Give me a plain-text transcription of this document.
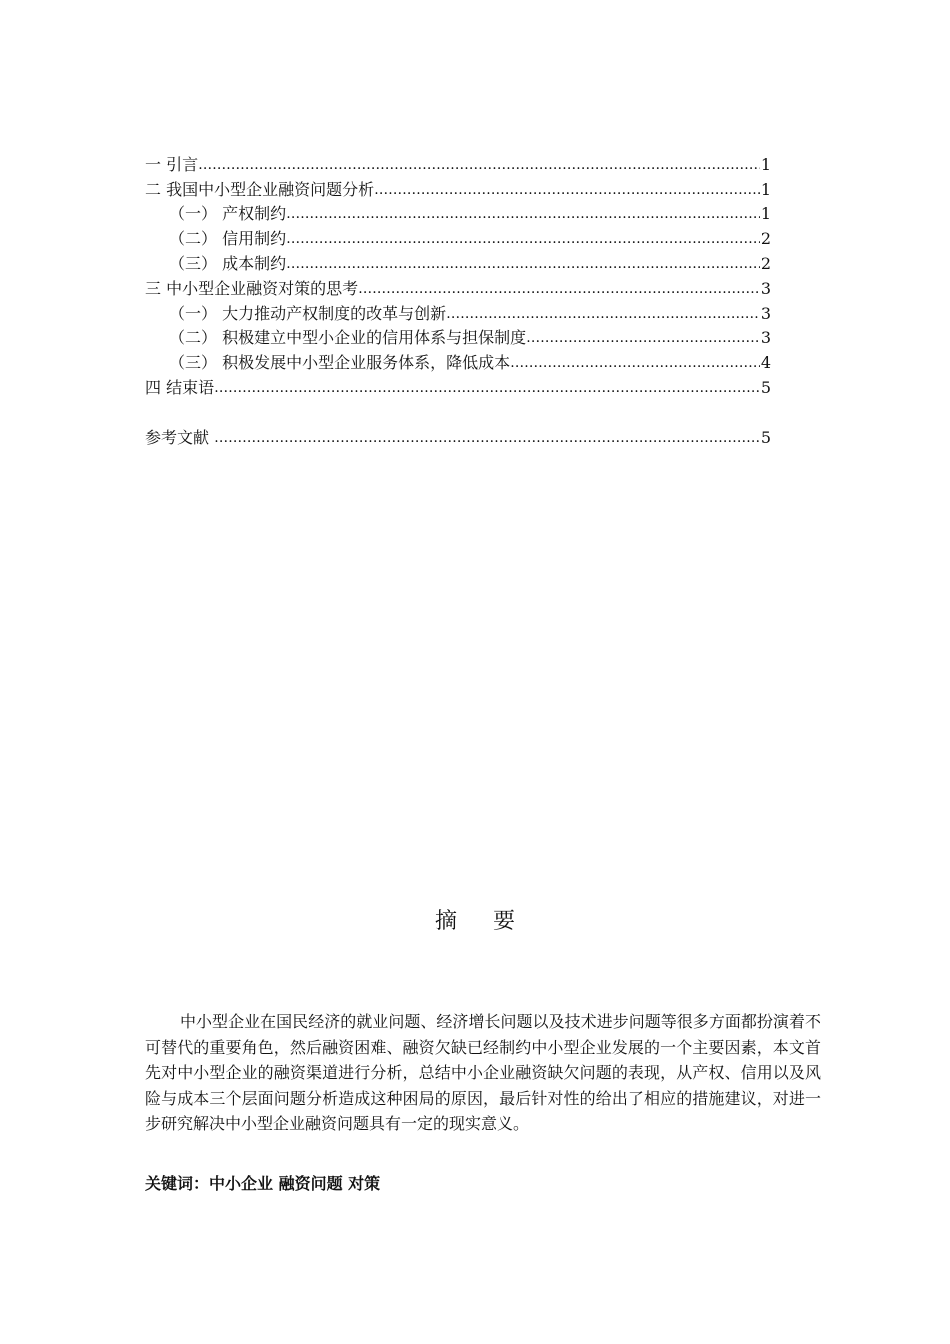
一 引言 …………………………………………………………………………………………………………………………………………………………………………………………………………	1
二 我国中小型企业融资问题分析 …………………………………………………………………………………………………………………………………………………………………………………………………………	1
（一） 产权制约 …………………………………………………………………………………………………………………………………………………………………………………………………………	1
（二） 信用制约 …………………………………………………………………………………………………………………………………………………………………………………………………………	2
（三） 成本制约 …………………………………………………………………………………………………………………………………………………………………………………………………………	2
三 中小型企业融资对策的思考 …………………………………………………………………………………………………………………………………………………………………………………………………………	3
（一） 大力推动产权制度的改革与创新 …………………………………………………………………………………………………………………………………………………………………………………………………………	3
（二） 积极建立中型小企业的信用体系与担保制度 …………………………………………………………………………………………………………………………………………………………………………………………………………	3
（三） 积极发展中小型企业服务体系，降低成本 …………………………………………………………………………………………………………………………………………………………………………………………………………	4
四 结束语 …………………………………………………………………………………………………………………………………………………………………………………………………………	5
参考文献 …………………………………………………………………………………………………………………………………………………………………………………………………………	5
摘要

中小型企业在国民经济的就业问题、经济增长问题以及技术进步问题等很多方面都扮演着不可替代的重要角色，然后融资困难、融资欠缺已经制约中小型企业发展的一个主要因素，本文首先对中小型企业的融资渠道进行分析，总结中小企业融资缺欠问题的表现，从产权、信用以及风险与成本三个层面问题分析造成这种困局的原因，最后针对性的给出了相应的措施建议，对进一步研究解决中小型企业融资问题具有一定的现实意义。

关键词：中小企业 融资问题 对策
